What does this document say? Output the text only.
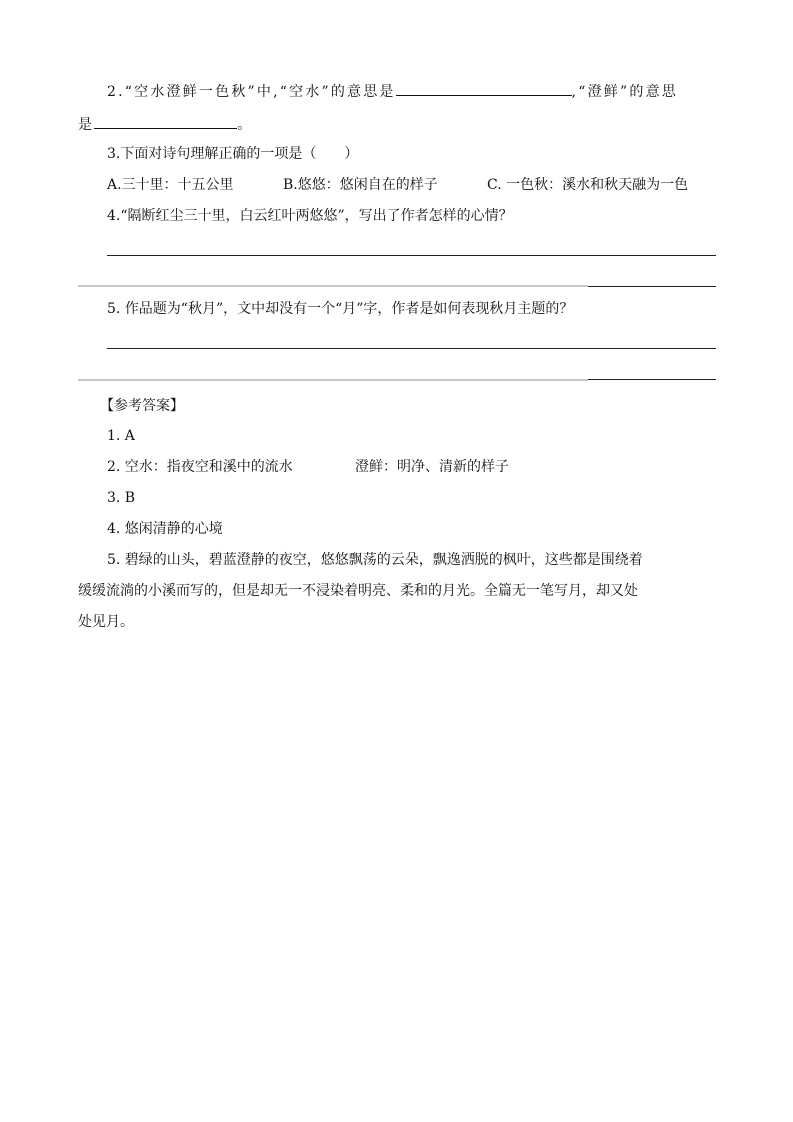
2.“空水澄鲜一色秋”中,“空水”的意思是	,“澄鲜”的意思
是	。
3.下面对诗句理解正确的一项是（　　）
A.三十里：十五公里	B.悠悠：悠闲自在的样子	C. 一色秋：溪水和秋天融为一色
4.“隔断红尘三十里，白云红叶两悠悠”，写出了作者怎样的心情？
5. 作品题为“秋月”，文中却没有一个“月”字，作者是如何表现秋月主题的？
【参考答案】
1. A
2. 空水：指夜空和溪中的流水	澄鲜：明净、清新的样子
3. B
4. 悠闲清静的心境
5. 碧绿的山头，碧蓝澄静的夜空，悠悠飘荡的云朵，飘逸洒脱的枫叶，这些都是围绕着
缓缓流淌的小溪而写的，但是却无一不浸染着明亮、柔和的月光。全篇无一笔写月，却又处
处见月。
